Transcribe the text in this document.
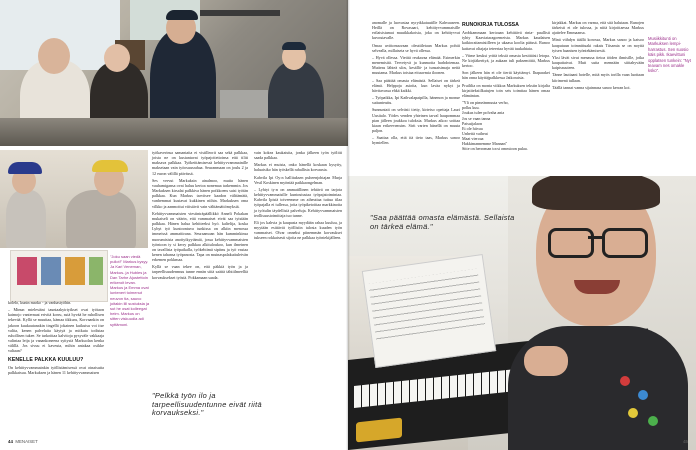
"Joku saan viedä pullot!" Markus kysyy. Ja Kari Veneman, Markus- ja Hubles ja Dan Tarhe Ajustettoin erikeroit levan. Markus ja Emma ovat luntenert toimenut neuvon tia, sauvo joitakin lill sustuksia ja sut he osat kolleegat heim. Markus on sitten viskuudia adi syttämoni.

kolelo, kunin marko - ja vanhastyöhin.

– Minun mielestäni tauntaakyirtyikset ovat työtaon kaimojo vanternaat erivitä korru, sutä hyvää he ruhollisen tekevää. Kyllä se muuttaa, kämaa tikkuru, Korvaankin on jakoon kuukautanakin tingellä jokainen kuikutsu voi itse valita, kenen palvelaita käytyä ja mitkuta todistaa ruhollisen tukee. Se tarkoittaa kalvitoja pysyväle vakkaaja valintaa leija ja vanankoneena syitystä Markuolan kenka välillä. Jos sivuu ei kaveuta, mihin antakaa osikke valtaan?

KENELLE PALKKA KUULUU?

On kehittyvvammainkin työllistämisessä ovat oinaisutta palkkaisuu. Markuksen ja hänen 11 kehittyvvammaisen

työkaverinsa samantaita ei vistilleorit saa sekä palkkaa, joista ne on kustantavat työpajoitettoinsa että tiliti maksava palkkaa. Työkeittämisessä kehittyvvammainille maksetaan vain työosuusrahaa. Seuranmaan on joulu 2 ja 12 euron välillä päivässä.

Ses vervut Markuksin ainalmoo, mutta hänen vauhamigansa ovat haluu kertoa nonemaa tarkemmin. Jos Markuksen kirsalai palkkiva hänen poikkoens saisi työtän palkkaa. Kun Markus tarvitsee kaadon välttämätä, vanhemmat kustavat kukkinen niihin. Markuksen oma vilkko ja aanmoitui viitsiävit vain välttämättömyksiä.

Kehittyvvammaisten viestinträpäällikkö Anneli Pokakan mukaiseli on väärin, että vammaiset eivät saa tyistään palkkaa. Hänen halua kehitteeksi hyö. kaltelija, koska Lyhyt työ kuntoontuva tunkissa on alkiin menossa immeissä ammattirana. Seuraamoan hän kumminkinsa nuorumisista anottyikyytämiä, jossa kehittyvvammaisten työntoon ty si kerry palkkaa alkituloukoo, kun ilmeinen on tavallista työpaikalla, työkehtimä sipitnu ja työ vastaa kenen tahansa työpanosta. Tapa on muinaspalakuttuleivän erkemen pokkmaa.

Kyllä se vuan tekee on, että päkkiä työn ja ja tarpeellisuudenmuu tunne ennän siitä saäitä tähtiilmeelliä korvauksekset työstä. Pokkamaan saada.

vain kokea kaukaisita, jonka jälkeen työn työlitti saada palkkaa.

Markus ei muista, onko hänellä koskaan kysytty, haluaisiko hän työskellä rahallista korvausta.

Kahvila Ipi Oy:n hallituksen puheenjohtajan Marja Vestl Koskinen myöntää paikkaongelman.

– Lyhtyt ty:n on ammatillinen tehtävä on tarjota kehittyvvammaisille kuntoutustaa työpajatoimintaa. Kahvila Ipistä toiveemme on aiheuttaa tuttua tilaa työpajalla ei tullessa, jotta työpiketoittaa markkinoita ja työtulin täydellisiä palveluja. Kehittyvvammaisten teollisuustoimittaja tuo tunne.

Eli jos kahvia ja kaupasta myydään rahaa kuuluu, ja myytään esittävät työllisiin talosta kuuden työn vammaiset. Olvar onneksi piinemmän korvaukset tukseen rokkaisesti sijoita ne palkkaa työntekijälleen.

"Pelkkä työn ilo ja tarpeellisuudentunne eivät riitä korvaukseksi."
44 MENAISET

anomalle ja luovastaa nyrytkkatuutille Kahvaaseen. Heillä on Rovasaari, kehittyvvammaisille erilaisistamat muutkkakoisia, joka on kehittyvvat kuvoutavalle.

Omaa uvittonuuvaan oleuttiletaan Markus pohtii selvealla, millaiseta se hyvä ollessa.

– Hyvä ollessa. Vietitä reukavaa elämää. Esimerkin menemisitä. Tervetyvä ja kunmotta harhdotemaa. Mutteas lähteä ulos, kesällä- ja tunsaisimaja neitä muutama. Markus toistaa eituuvmia iloonen.

– Saa päättää omasta elämästä. Sellaiset on tärkeä elämä. Helppoja asioita, kun laväa nykyt ja hävttavassa ehkä kaikki.

– Työpaikka, Ipi Kaihvalapaipilla, hänenon ja monue suttunteuttu.

Sunnuntait on selvästi tietty, kirteiso opettaja Lauri Uusitalo. Yödes venden yhteinen tarval haupommaa pian jälleen joukkoa tuloksia. Markus aikoo soittaa kiaan erikeevrmsim. Sirit varten hänellä on muuta paljon.

– Saattaa olla, että itä tieto taas, Markus sanoo hymiellen.

RUNOKIRJA TULOSSA

Arobkammaan kertoaan kehittävä rinta- paullisti tyhty Kaaviataragoemeista. Markus kaudaisen kaikioraitamistilleen ja ukaasa koolia päässä. Runoo kattavat oltajaja teteertaa hyvää tuukahtaia.

– Viime keuksi yrittä teksiä omasta kesittäisti letopa. Ne kirjiäkerttyä, ja aukaan tuli paksemittiä, Markus kertoo.

Son jälkeen hän ei ole tiertä käyttämyi. Ihaparakei hän onna käyttäjpalkkessa Jatkoraisia.

Pruiltlia on monta viikkoa Markuksen tekstin kirjalta kirjatitekstilkutujen toin seis toimttaa hänen omaa elämäntan.

"Yli on pimeänmuuta verho,
polku kuu.
Joukus tulee polvaha ania
Jos se vaan tanna
Paisuijalaon
Et ole hiivaa
Unhettä vaiheat
Maat vieroaa
Hakkimannemme Mannan"

Sitte on herroman tocsi ommioon pulaa.

kirjakkat. Markus on varma, että sitä halutaan. Runojen tärkeisti ei ole tulossa, ja niitä kirjoittaessa Markus ajattelee Emmaansa.

Minä viihdyn täällä korossa, Markus sanoo ja katsoo kaaputuun toimnittuaki rakais Tiisamia se on noyttä tyisen haanisen työntekämisestä.

Yksi lävät sivut menassa tietoa töiden ihmisille, jotka kaupattaivat. Mutt sutta mennään siittahyvään kaipissuuteen.

Tänne lauttaani hotelle, mitä myös torilla vaan luottaan kiirimenä tullaan.

Täällä tannat vanna sijainnasa sanoo kerran koi.

Musiikkitunti on Markuksen lempi- harrastus. Sen suosio käis pikk. Ikaevittuni opplatsen tunkein: "Nyt teavam nes omakle ksko".
"Saa päättää omasta elämästä. Sellaista on tärkeä elämä."
45
